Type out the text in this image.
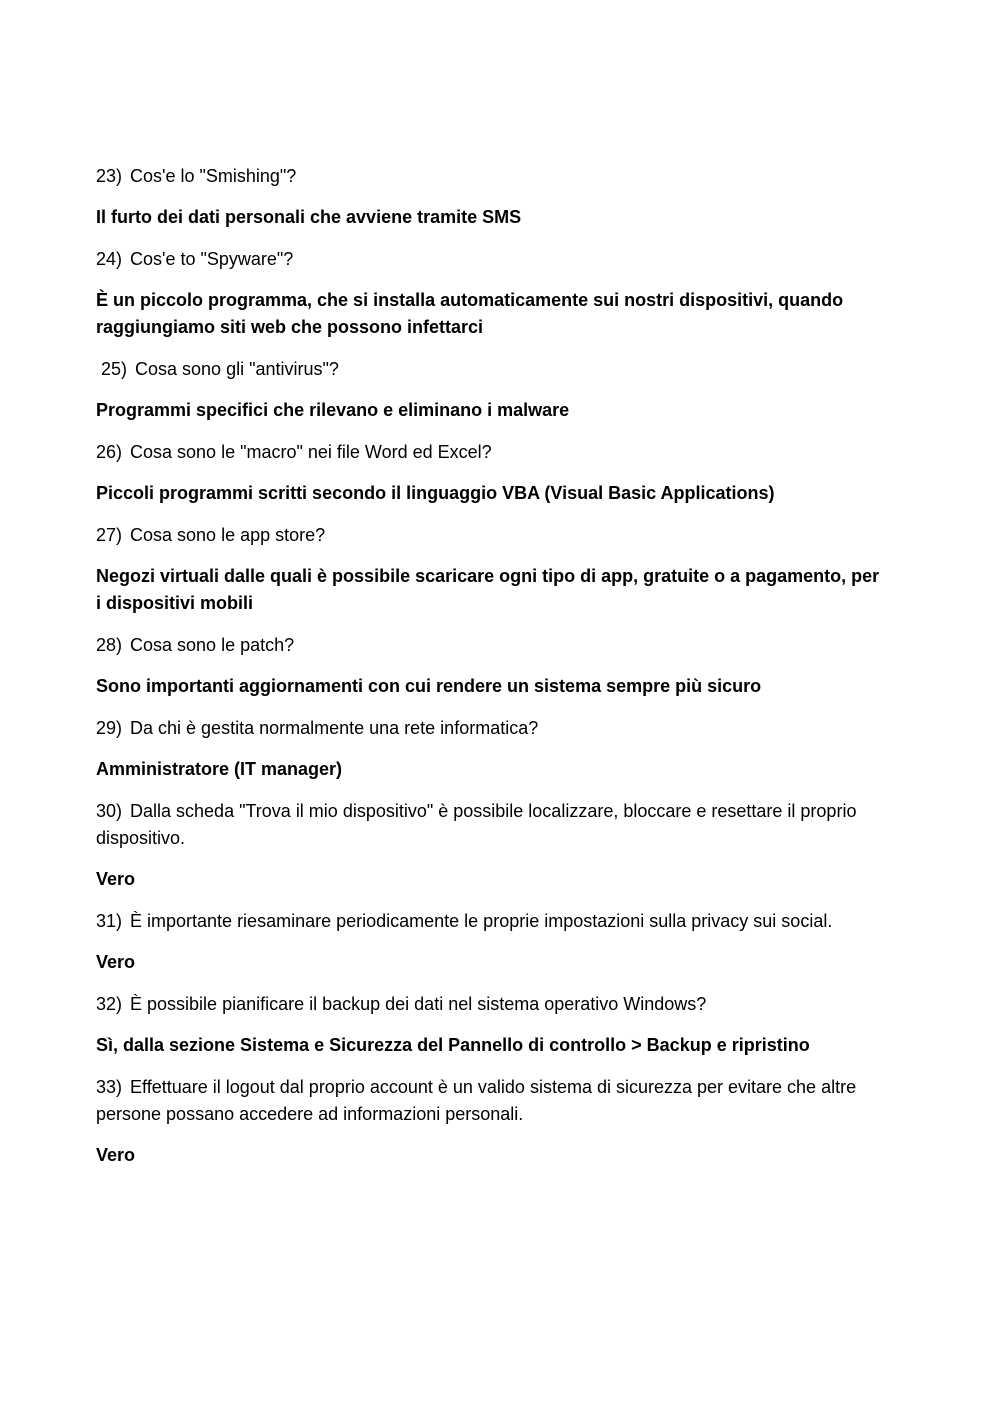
23) Cos'e lo "Smishing"?

Il furto dei dati personali che avviene tramite SMS

24) Cos'e to "Spyware"?

È un piccolo programma, che si installa automaticamente sui nostri dispositivi, quando raggiungiamo siti web che possono infettarci

25) Cosa sono gli "antivirus"?

Programmi specifici che rilevano e eliminano i malware

26) Cosa sono le "macro" nei file Word ed Excel?

Piccoli programmi scritti secondo il linguaggio VBA (Visual Basic Applications)

27) Cosa sono le app store?

Negozi virtuali dalle quali è possibile scaricare ogni tipo di app, gratuite o a pagamento, per i dispositivi mobili

28) Cosa sono le patch?

Sono importanti aggiornamenti con cui rendere un sistema sempre più sicuro

29) Da chi è gestita normalmente una rete informatica?

Amministratore (IT manager)

30) Dalla scheda "Trova il mio dispositivo" è possibile localizzare, bloccare e resettare il proprio dispositivo.

Vero

31) È importante riesaminare periodicamente le proprie impostazioni sulla privacy sui social.

Vero

32) È possibile pianificare il backup dei dati nel sistema operativo Windows?

Sì, dalla sezione Sistema e Sicurezza del Pannello di controllo > Backup e ripristino

33) Effettuare il logout dal proprio account è un valido sistema di sicurezza per evitare che altre persone possano accedere ad informazioni personali.

Vero
